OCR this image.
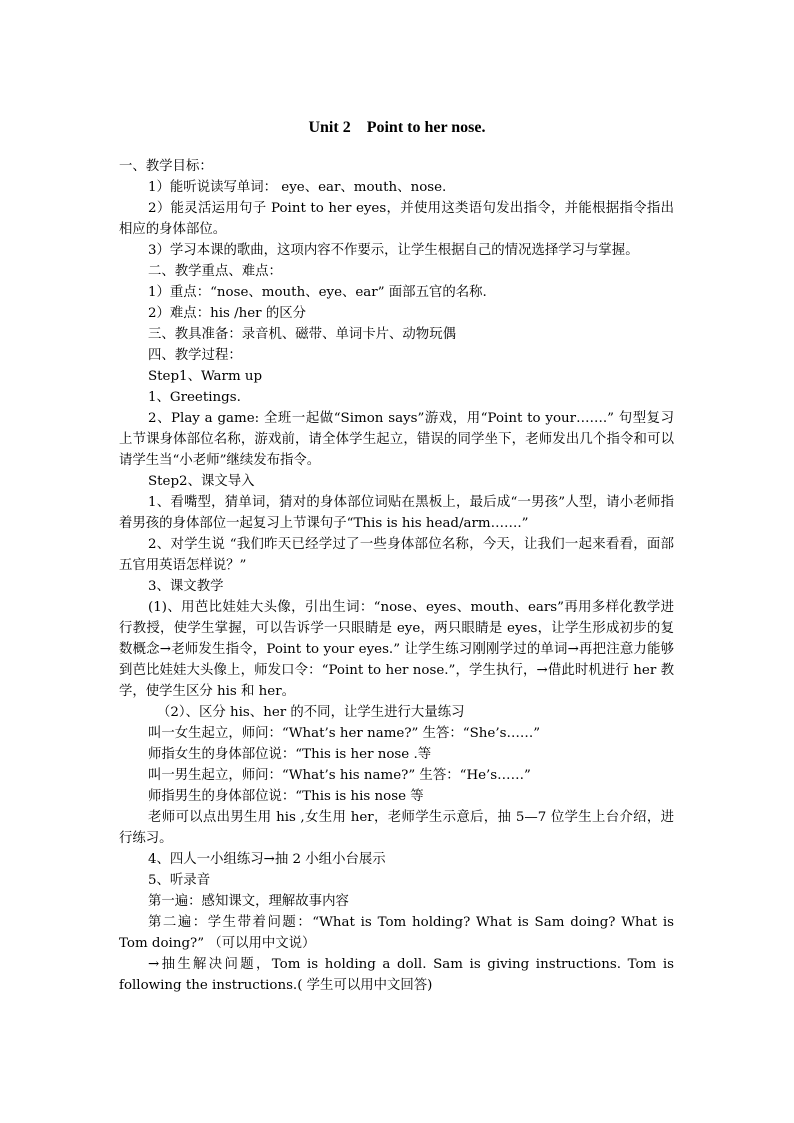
Unit 2    Point to her nose.

一、教学目标：

1）能听说读写单词： eye、ear、mouth、nose.

2）能灵活运用句子 Point to her eyes，并使用这类语句发出指令，并能根据指令指出相应的身体部位。

3）学习本课的歌曲，这项内容不作要示，让学生根据自己的情况选择学习与掌握。

二、教学重点、难点：

1）重点：“nose、mouth、eye、ear” 面部五官的名称.

2）难点：his /her 的区分

三、教具准备：录音机、磁带、单词卡片、动物玩偶

四、教学过程：

Step1、Warm up

1、Greetings.

2、Play a game: 全班一起做“Simon says”游戏，用“Point to your…….” 句型复习上节课身体部位名称，游戏前，请全体学生起立，错误的同学坐下，老师发出几个指令和可以请学生当“小老师”继续发布指令。

Step2、课文导入

1、看嘴型，猜单词，猜对的身体部位词贴在黑板上，最后成“一男孩”人型，请小老师指着男孩的身体部位一起复习上节课句子“This is his head/arm…….”

2、对学生说 “我们昨天已经学过了一些身体部位名称，今天，让我们一起来看看，面部五官用英语怎样说？”

3、课文教学

(1)、用芭比娃娃大头像，引出生词：“nose、eyes、mouth、ears”再用多样化教学进行教授，使学生掌握，可以告诉学一只眼睛是 eye，两只眼睛是 eyes，让学生形成初步的复数概念→老师发生指令，Point to your eyes.” 让学生练习刚刚学过的单词→再把注意力能够到芭比娃娃大头像上，师发口令：“Point to her nose.”，学生执行，→借此时机进行 her 教学，使学生区分 his 和 her。

（2）、区分 his、her 的不同，让学生进行大量练习

叫一女生起立，师问：“What’s her name?” 生答：“She’s……”

师指女生的身体部位说：“This is her nose .等

叫一男生起立，师问：“What’s his name?” 生答：“He’s……”

师指男生的身体部位说：“This is his nose 等

老师可以点出男生用 his ,女生用 her，老师学生示意后，抽 5—7 位学生上台介绍，进行练习。

4、四人一小组练习→抽 2 小组小台展示

5、听录音

第一遍：感知课文，理解故事内容

第二遍：学生带着问题：“What is Tom holding? What is Sam doing? What is Tom doing?” （可以用中文说）

→抽生解决问题，Tom is holding a doll. Sam is giving instructions. Tom is following the instructions.( 学生可以用中文回答)
